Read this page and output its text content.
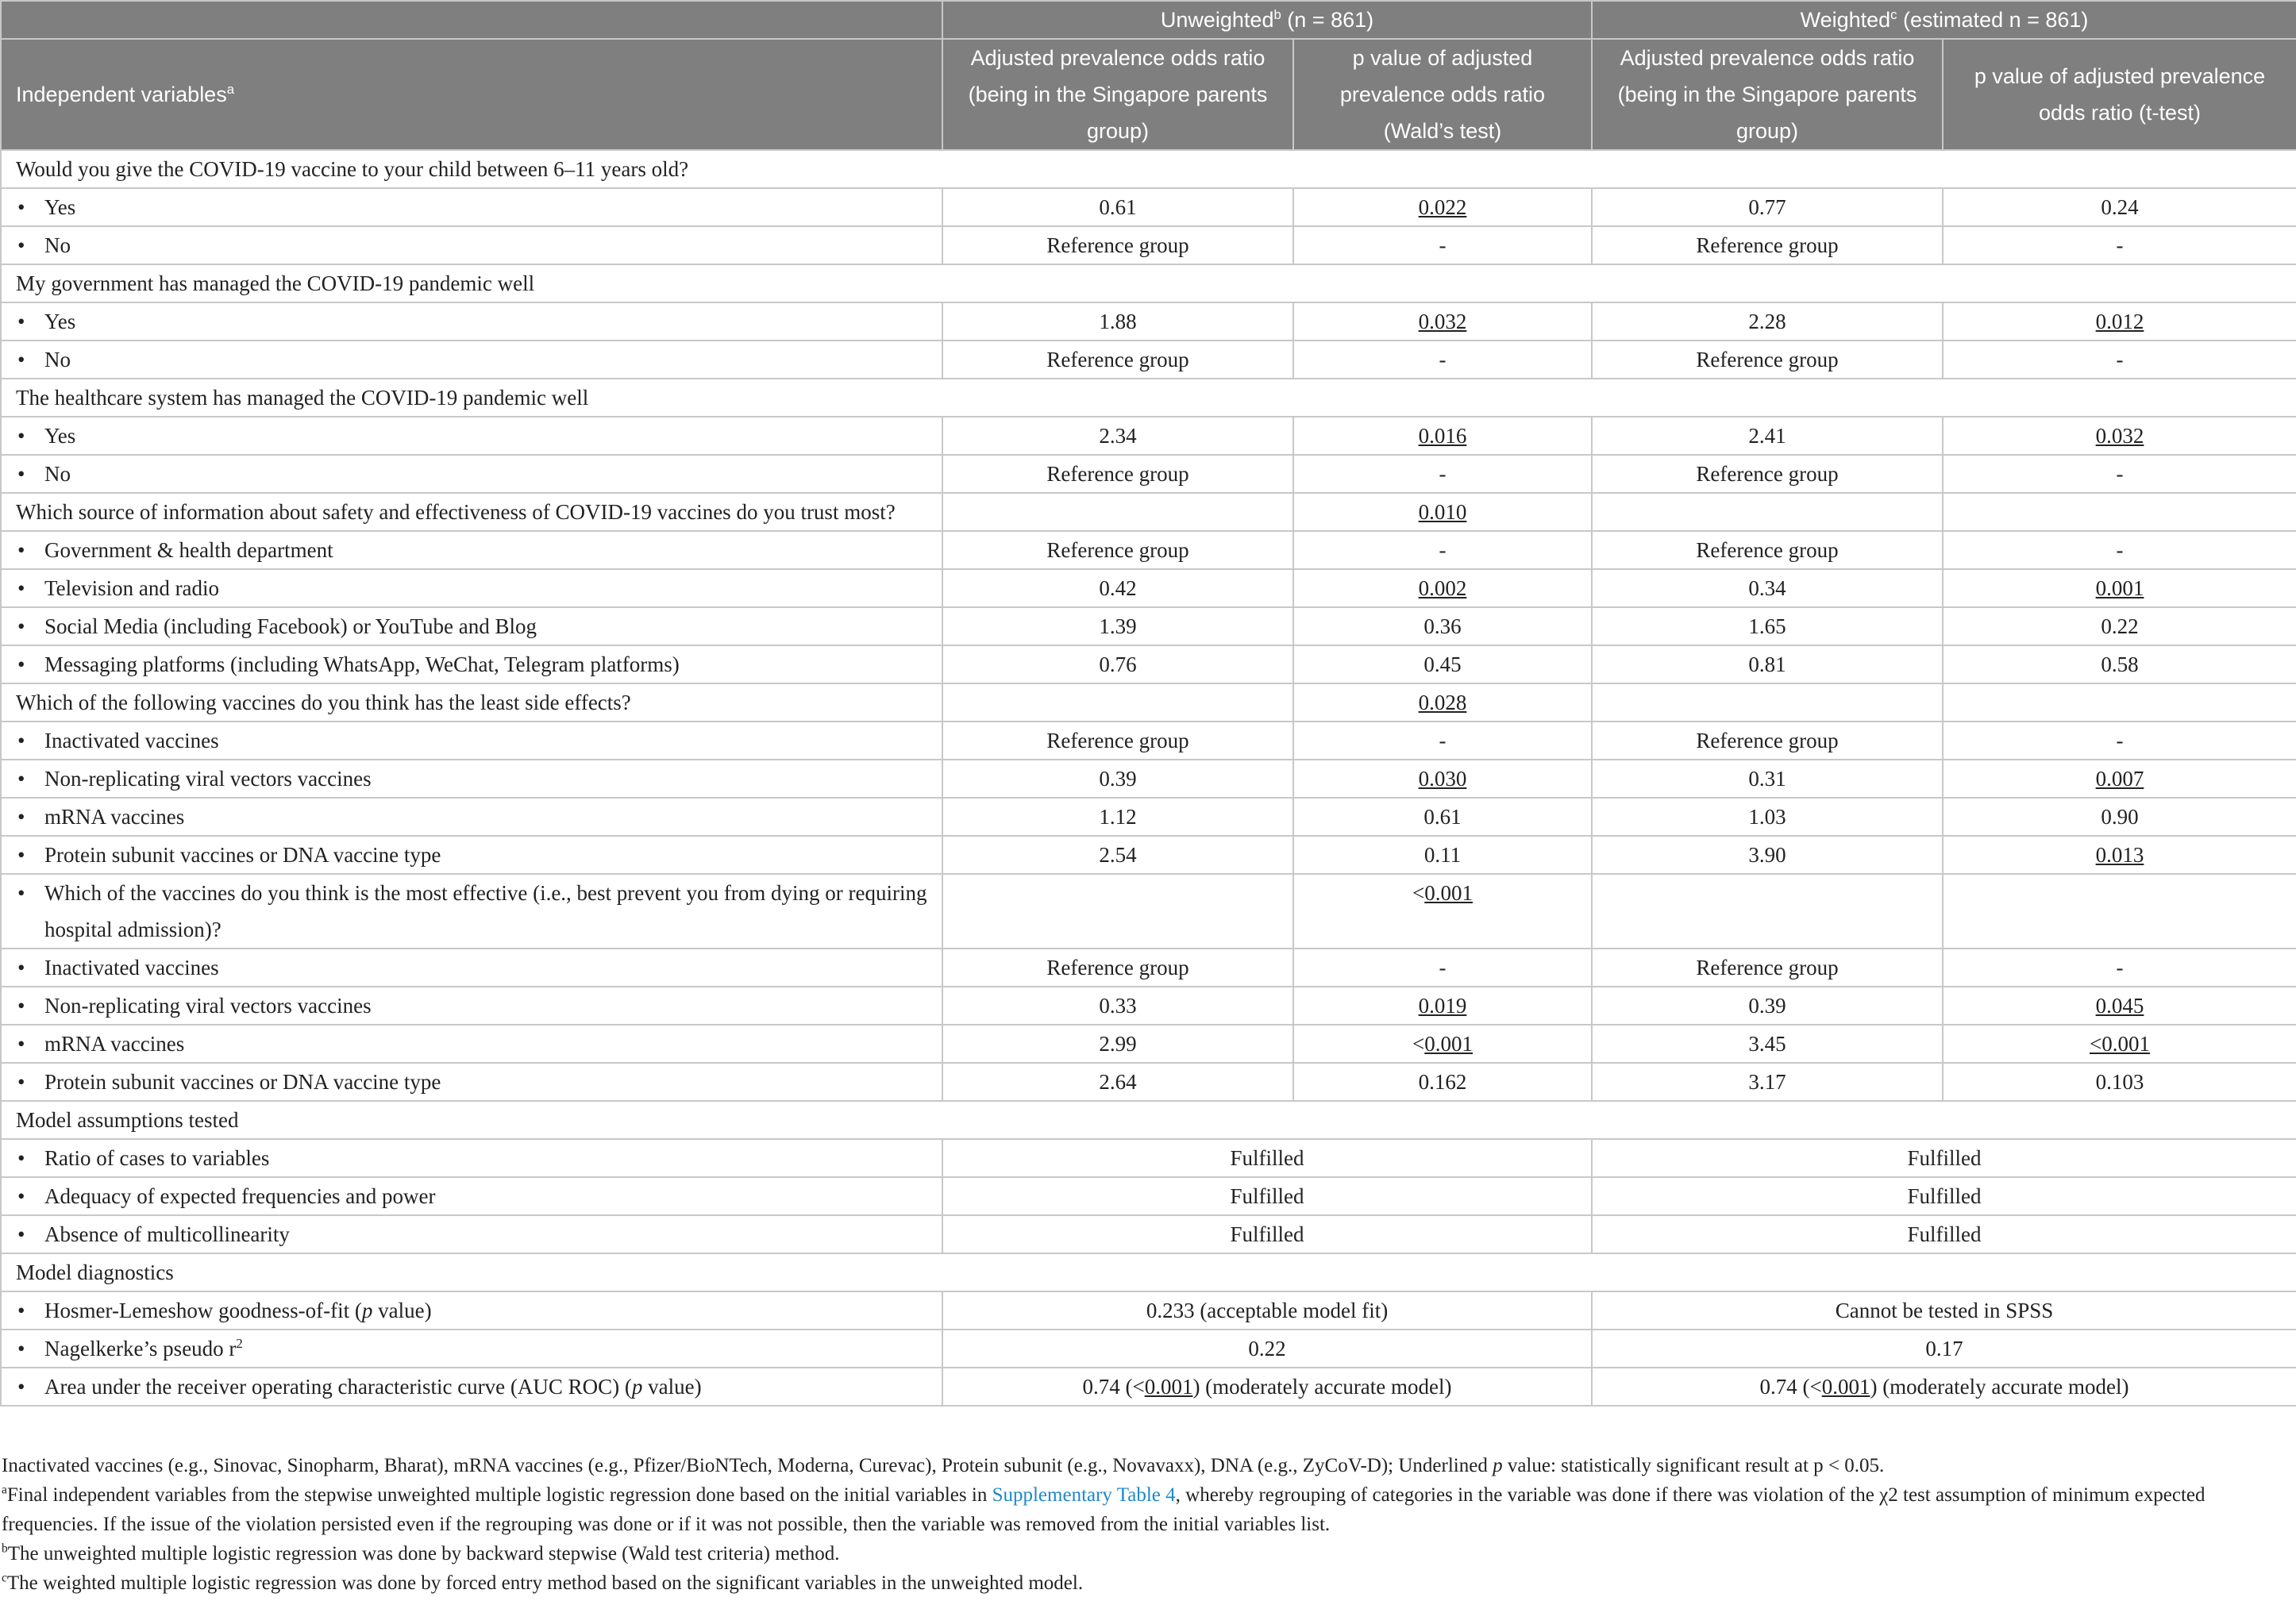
	Unweighted$^b$ (n = 861)		Weighted$^c$ (estimated n = 861)	
Independent variables$^a$	Adjusted prevalence odds ratio (being in the Singapore parents group)	p value of adjusted prevalence odds ratio (Wald’s test)	Adjusted prevalence odds ratio (being in the Singapore parents group)	p value of adjusted prevalence odds ratio (t-test)
Would you give the COVID-19 vaccine to your child between 6–11 years old?				
• Yes	0.61	0.022	0.77	0.24
• No	Reference group	-	Reference group	-
My government has managed the COVID-19 pandemic well				
• Yes	1.88	0.032	2.28	0.012
• No	Reference group	-	Reference group	-
The healthcare system has managed the COVID-19 pandemic well				
• Yes	2.34	0.016	2.41	0.032
• No	Reference group	-	Reference group	-
Which source of information about safety and effectiveness of COVID-19 vaccines do you trust most?		0.010		
• Government & health department	Reference group	-	Reference group	-
• Television and radio	0.42	0.002	0.34	0.001
• Social Media (including Facebook) or YouTube and Blog	1.39	0.36	1.65	0.22
• Messaging platforms (including WhatsApp, WeChat, Telegram platforms)	0.76	0.45	0.81	0.58
Which of the following vaccines do you think has the least side effects?		0.028		
• Inactivated vaccines	Reference group	-	Reference group	-
• Non-replicating viral vectors vaccines	0.39	0.030	0.31	0.007
• mRNA vaccines	1.12	0.61	1.03	0.90
• Protein subunit vaccines or DNA vaccine type	2.54	0.11	3.90	0.013
• Which of the vaccines do you think is the most effective (i.e., best prevent you from dying or requiring hospital admission)?		<0.001		
• Inactivated vaccines	Reference group	-	Reference group	-
• Non-replicating viral vectors vaccines	0.33	0.019	0.39	0.045
• mRNA vaccines	2.99	<0.001	3.45	<0.001
• Protein subunit vaccines or DNA vaccine type	2.64	0.162	3.17	0.103
Model assumptions tested				
• Ratio of cases to variables	Fulfilled		Fulfilled	
• Adequacy of expected frequencies and power	Fulfilled		Fulfilled	
• Absence of multicollinearity	Fulfilled		Fulfilled	
Model diagnostics				
• Hosmer-Lemeshow goodness-of-fit (p value)	0.233 (acceptable model fit)		Cannot be tested in SPSS	
• Nagelkerke’s pseudo $r^2$	0.22		0.17	
• Area under the receiver operating characteristic curve (AUC ROC) (p value)	0.74 (<0.001) (moderately accurate model)		0.74 (<0.001) (moderately accurate model)	

Inactivated vaccines (e.g., Sinovac, Sinopharm, Bharat), mRNA vaccines (e.g., Pfizer/BioNTech, Moderna, Curevac), Protein subunit (e.g., Novavaxx), DNA (e.g., ZyCoV-D); Underlined p value: statistically significant result at p < 0.05.

$^a$Final independent variables from the stepwise unweighted multiple logistic regression done based on the initial variables in Supplementary Table 4, whereby regrouping of categories in the variable was done if there was violation of the χ2 test assumption of minimum expected frequencies. If the issue of the violation persisted even if the regrouping was done or if it was not possible, then the variable was removed from the initial variables list.

$^b$The unweighted multiple logistic regression was done by backward stepwise (Wald test criteria) method.

$^c$The weighted multiple logistic regression was done by forced entry method based on the significant variables in the unweighted model.
